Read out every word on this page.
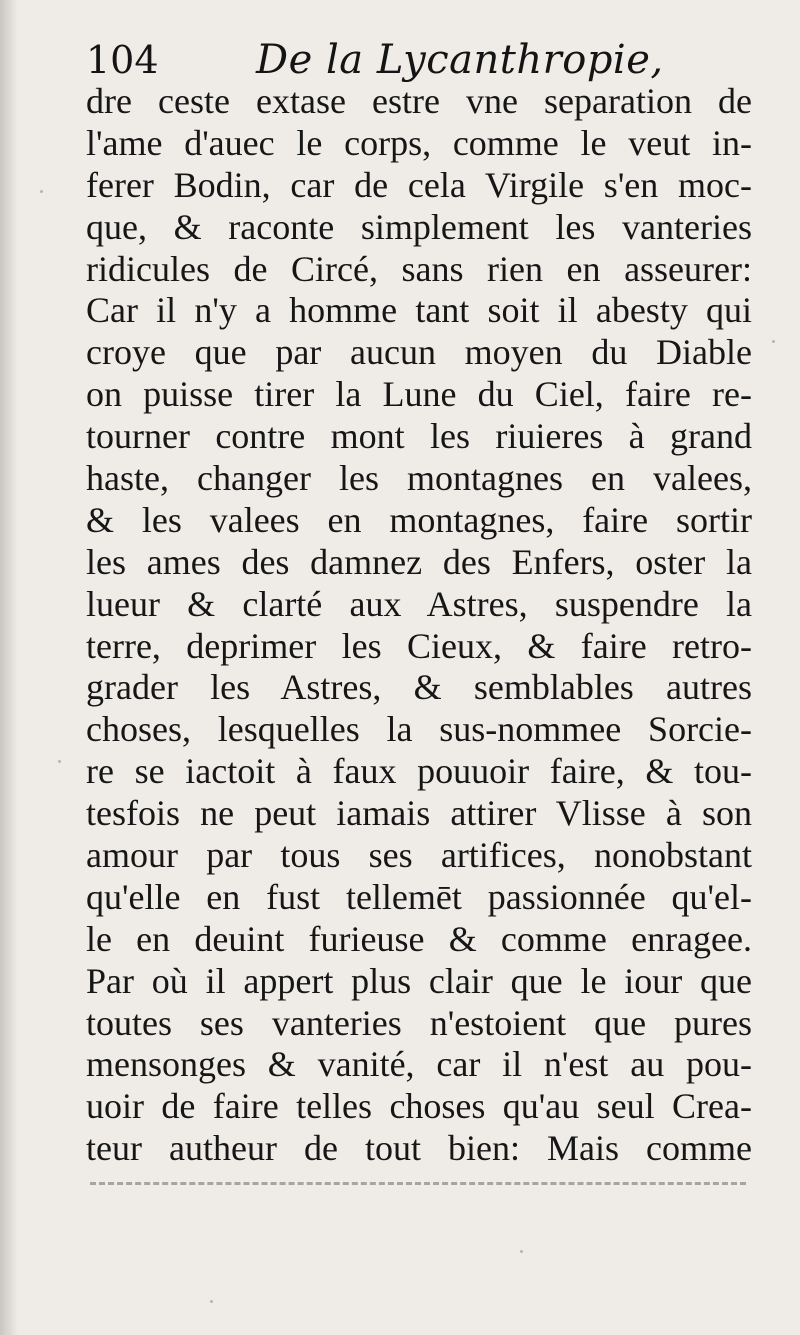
104 De la Lycanthropie,
dre ceste extase estre vne separation de
l'ame d'auec le corps, comme le veut in-
ferer Bodin, car de cela Virgile s'en moc-
que, & raconte simplement les vanteries
ridicules de Circé, sans rien en asseurer:
Car il n'y a homme tant soit il abesty qui
croye que par aucun moyen du Diable
on puisse tirer la Lune du Ciel, faire re-
tourner contre mont les riuieres à grand
haste, changer les montagnes en valees,
& les valees en montagnes, faire sortir
les ames des damnez des Enfers, oster la
lueur & clarté aux Astres, suspendre la
terre, deprimer les Cieux, & faire retro-
grader les Astres, & semblables autres
choses, lesquelles la sus-nommee Sorcie-
re se iactoit à faux pouuoir faire, & tou-
tesfois ne peut iamais attirer Vlisse à son
amour par tous ses artifices, nonobstant
qu'elle en fust tellemēt passionnée qu'el-
le en deuint furieuse & comme enragee.
Par où il appert plus clair que le iour que
toutes ses vanteries n'estoient que pures
mensonges & vanité, car il n'est au pou-
uoir de faire telles choses qu'au seul Crea-
teur autheur de tout bien: Mais comme
